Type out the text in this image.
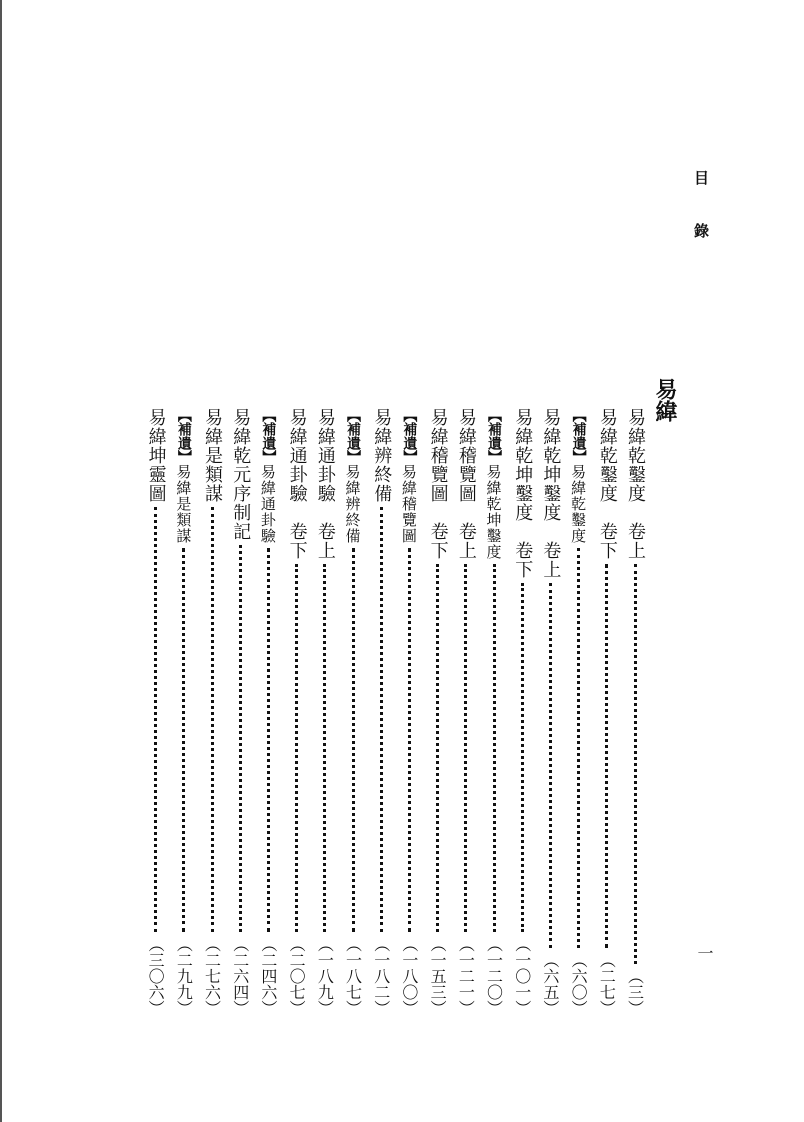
目錄
易緯
易緯乾鑿度　卷上
（三）
易緯乾鑿度　卷下
（二七）
【補遺】
易緯乾鑿度
（六〇）
易緯乾坤鑿度　卷上
（六五）
易緯乾坤鑿度　卷下
（一〇一）
【補遺】
易緯乾坤鑿度
（一二〇）
易緯稽覽圖　卷上
（一二一）
易緯稽覽圖　卷下
（一五三）
【補遺】
易緯稽覽圖
（一八〇）
易緯辨終備
（一八二）
【補遺】
易緯辨終備
（一八七）
易緯通卦驗　卷上
（一八九）
易緯通卦驗　卷下
（二〇七）
【補遺】
易緯通卦驗
（二四六）
易緯乾元序制記
（二六四）
易緯是類謀
（二七六）
【補遺】
易緯是類謀
（二九九）
易緯坤靈圖
（三〇六）	一
